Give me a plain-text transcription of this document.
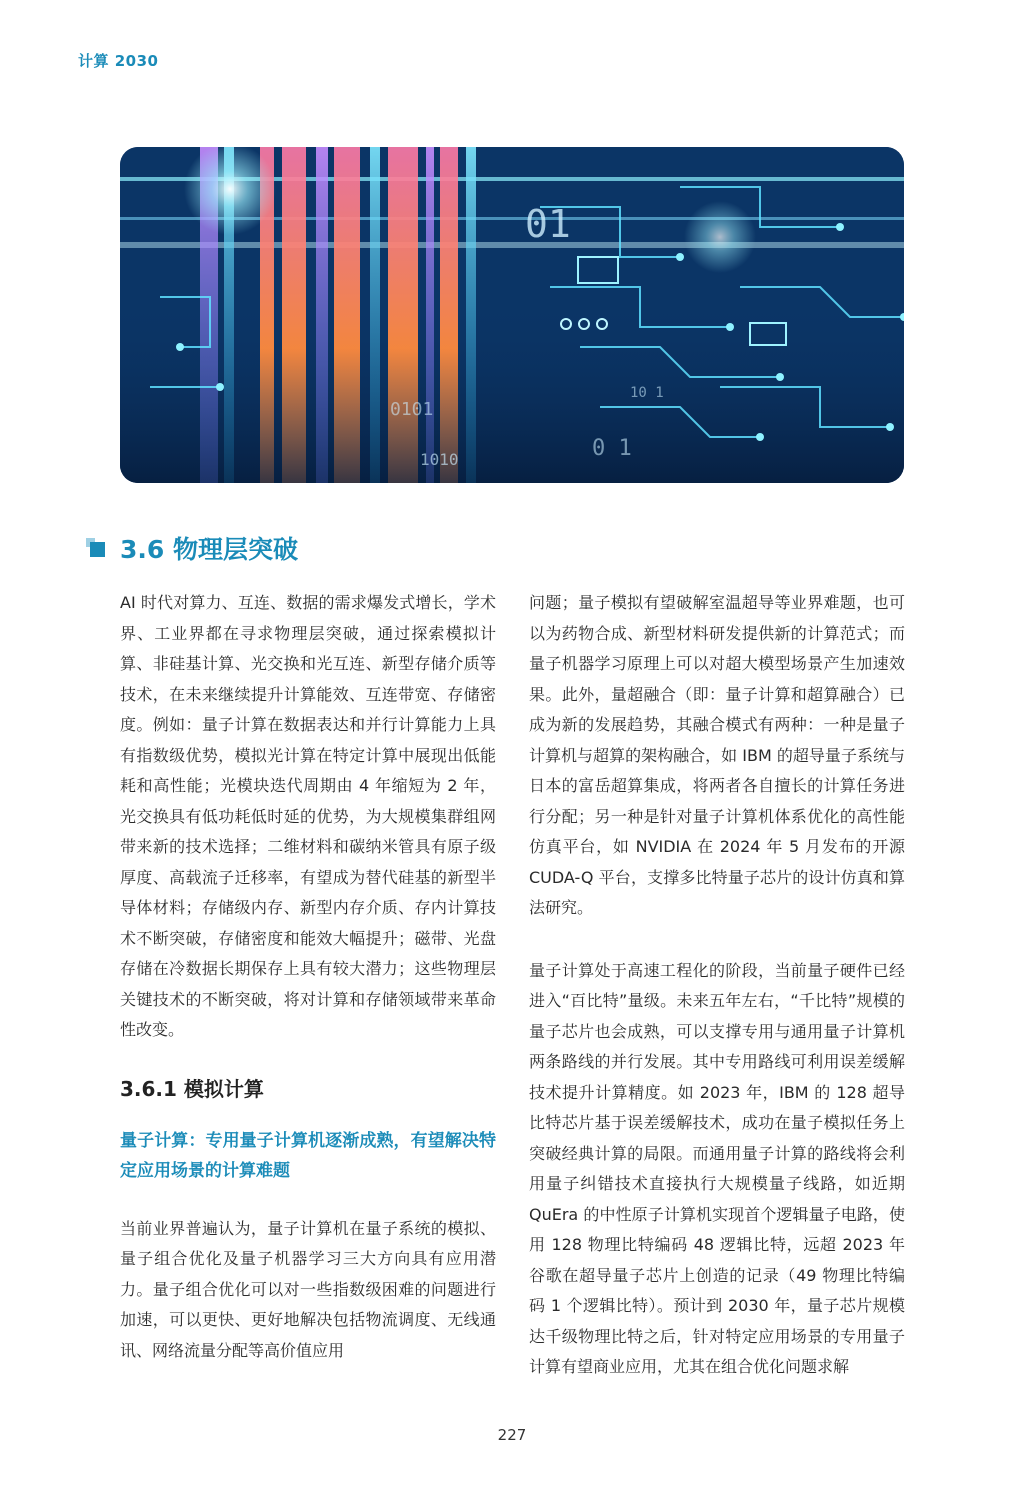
计算 2030
01
0101
1010
10 1
0 1
3.6 物理层突破

AI 时代对算力、互连、数据的需求爆发式增长，学术界、工业界都在寻求物理层突破，通过探索模拟计算、非硅基计算、光交换和光互连、新型存储介质等技术，在未来继续提升计算能效、互连带宽、存储密度。例如：量子计算在数据表达和并行计算能力上具有指数级优势，模拟光计算在特定计算中展现出低能耗和高性能；光模块迭代周期由 4 年缩短为 2 年，光交换具有低功耗低时延的优势，为大规模集群组网带来新的技术选择；二维材料和碳纳米管具有原子级厚度、高载流子迁移率，有望成为替代硅基的新型半导体材料；存储级内存、新型内存介质、存内计算技术不断突破，存储密度和能效大幅提升；磁带、光盘存储在冷数据长期保存上具有较大潜力；这些物理层关键技术的不断突破，将对计算和存储领域带来革命性改变。

3.6.1 模拟计算
量子计算：专用量子计算机逐渐成熟，有望解决特定应用场景的计算难题

当前业界普遍认为，量子计算机在量子系统的模拟、量子组合优化及量子机器学习三大方向具有应用潜力。量子组合优化可以对一些指数级困难的问题进行加速，可以更快、更好地解决包括物流调度、无线通讯、网络流量分配等高价值应用

问题；量子模拟有望破解室温超导等业界难题，也可以为药物合成、新型材料研发提供新的计算范式；而量子机器学习原理上可以对超大模型场景产生加速效果。此外，量超融合（即：量子计算和超算融合）已成为新的发展趋势，其融合模式有两种：一种是量子计算机与超算的架构融合，如 IBM 的超导量子系统与日本的富岳超算集成，将两者各自擅长的计算任务进行分配；另一种是针对量子计算机体系优化的高性能仿真平台，如 NVIDIA 在 2024 年 5 月发布的开源 CUDA-Q 平台，支撑多比特量子芯片的设计仿真和算法研究。

量子计算处于高速工程化的阶段，当前量子硬件已经进入“百比特”量级。未来五年左右，“千比特”规模的量子芯片也会成熟，可以支撑专用与通用量子计算机两条路线的并行发展。其中专用路线可利用误差缓解技术提升计算精度。如 2023 年，IBM 的 128 超导比特芯片基于误差缓解技术，成功在量子模拟任务上突破经典计算的局限。而通用量子计算的路线将会利用量子纠错技术直接执行大规模量子线路，如近期 QuEra 的中性原子计算机实现首个逻辑量子电路，使用 128 物理比特编码 48 逻辑比特，远超 2023 年谷歌在超导量子芯片上创造的记录（49 物理比特编码 1 个逻辑比特）。预计到 2030 年，量子芯片规模达千级物理比特之后，针对特定应用场景的专用量子计算有望商业应用，尤其在组合优化问题求解

227
